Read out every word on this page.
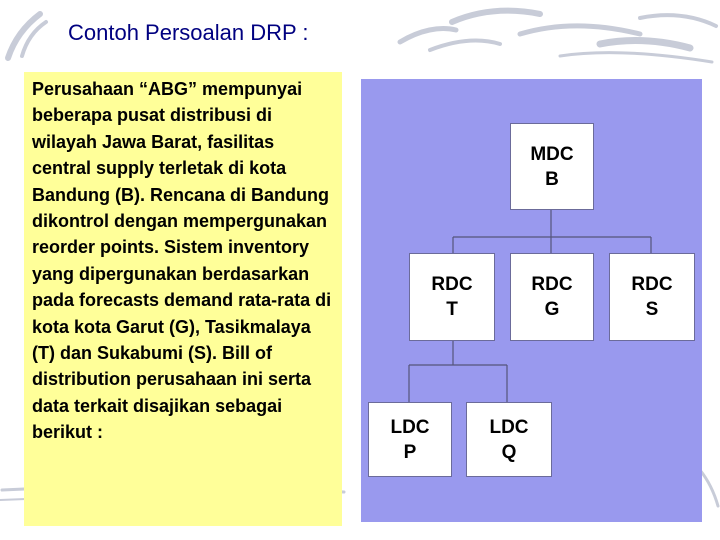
Contoh Persoalan DRP :

Perusahaan “ABG” mempunyai beberapa pusat distribusi di wilayah Jawa Barat, fasilitas central supply terletak di kota Bandung (B). Rencana di Bandung dikontrol dengan mempergunakan reorder points. Sistem inventory yang dipergunakan berdasarkan pada forecasts demand rata-rata di kota kota Garut (G), Tasikmalaya (T) dan Sukabumi (S). Bill of distribution perusahaan ini serta data terkait disajikan sebagai berikut :

MDC
B
RDC
T
RDC
G
RDC
S
LDC
P
LDC
Q
